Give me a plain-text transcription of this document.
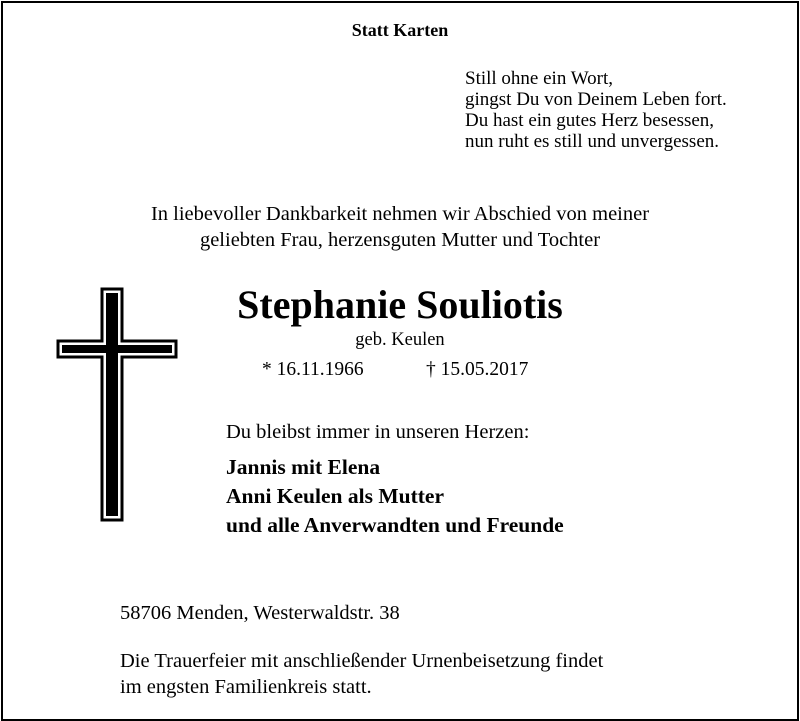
Statt Karten
Still ohne ein Wort,
gingst Du von Deinem Leben fort.
Du hast ein gutes Herz besessen,
nun ruht es still und unvergessen.
In liebevoller Dankbarkeit nehmen wir Abschied von meiner
geliebten Frau, herzensguten Mutter und Tochter
Stephanie Souliotis
geb. Keulen
* 16.11.1966	† 15.05.2017
Du bleibst immer in unseren Herzen:
Jannis mit Elena
Anni Keulen als Mutter
und alle Anverwandten und Freunde
58706 Menden, Westerwaldstr. 38
Die Trauerfeier mit anschließender Urnenbeisetzung findet
im engsten Familienkreis statt.
